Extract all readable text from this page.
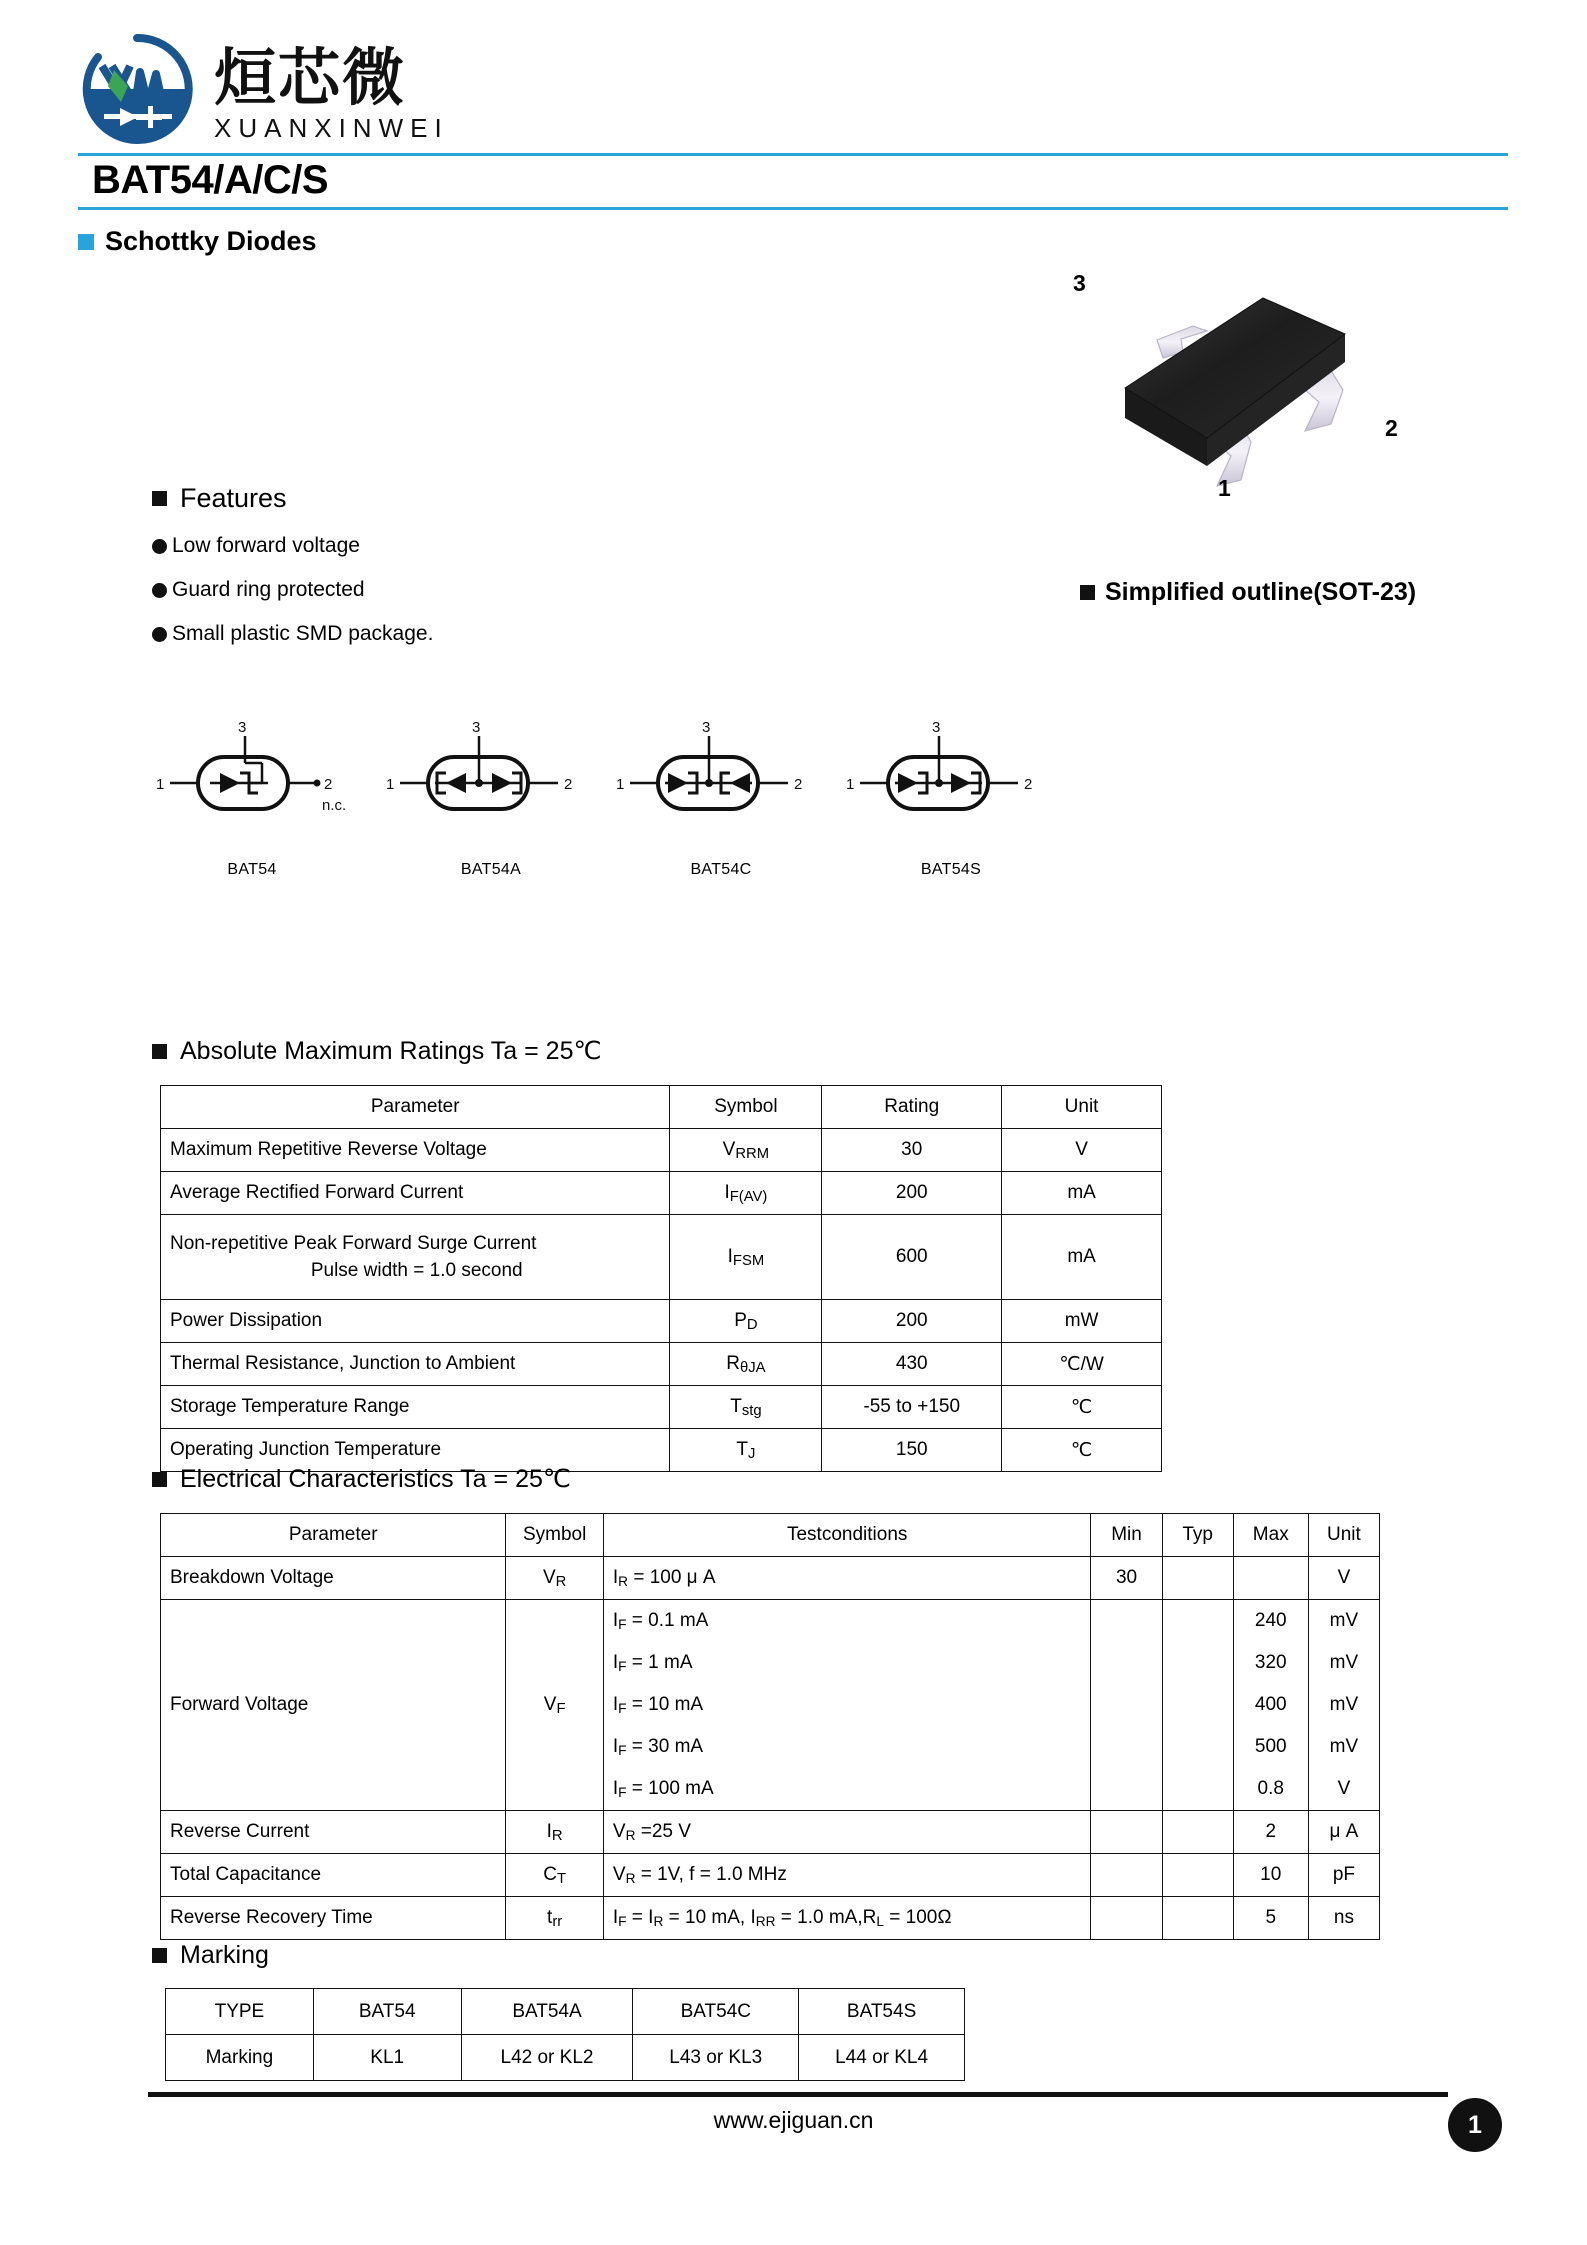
烜芯微
XUANXINWEI
BAT54/A/C/S
Schottky Diodes
Features
Low forward voltage
Guard ring protected
Small plastic SMD package.
3
2
1
Simplified outline(SOT-23)
3
1	2
n.c.
BAT54
3
1	2
BAT54A
3
1	2
BAT54C
3
1	2
BAT54S
Absolute Maximum Ratings Ta = 25℃
Parameter	Symbol	Rating	Unit
Maximum Repetitive Reverse Voltage	$V_{RRM}$	30	V
Average Rectified Forward Current	$I_{F(AV)}$	200	mA
Non-repetitive Peak Forward Surge Current
Pulse width = 1.0 second	$I_{FSM}$	600	mA
Power Dissipation	$P_D$	200	mW
Thermal Resistance, Junction to Ambient	$R_{\theta JA}$	430	℃/W
Storage Temperature Range	$T_{stg}$	-55 to +150	℃
Operating Junction Temperature	$T_J$	150	℃
Electrical Characteristics Ta = 25℃
Parameter	Symbol	Testconditions	Min	Typ	Max	Unit
Breakdown Voltage	$V_R$	$I_R = 100$ μ A	30			V
Forward Voltage	$V_F$	$I_F = 0.1$ mA			240	mV
		$I_F = 1$ mA			320	mV
		$I_F = 10$ mA			400	mV
		$I_F = 30$ mA			500	mV
		$I_F = 100$ mA			0.8	V
Reverse Current	$I_R$	$V_R =25$ V			2	μ A
Total Capacitance	$C_T$	$V_R = 1V$, f = 1.0 MHz			10	pF
Reverse Recovery Time	$t_{rr}$	$I_F = I_R = 10$ mA, $I_{RR} = 1.0$ $mA,R_L = 100\Omega$			5	ns
Marking
TYPE	BAT54	BAT54A	BAT54C	BAT54S
Marking	KL1	L42 or KL2	L43 or KL3	L44 or KL4
www.ejiguan.cn	1
